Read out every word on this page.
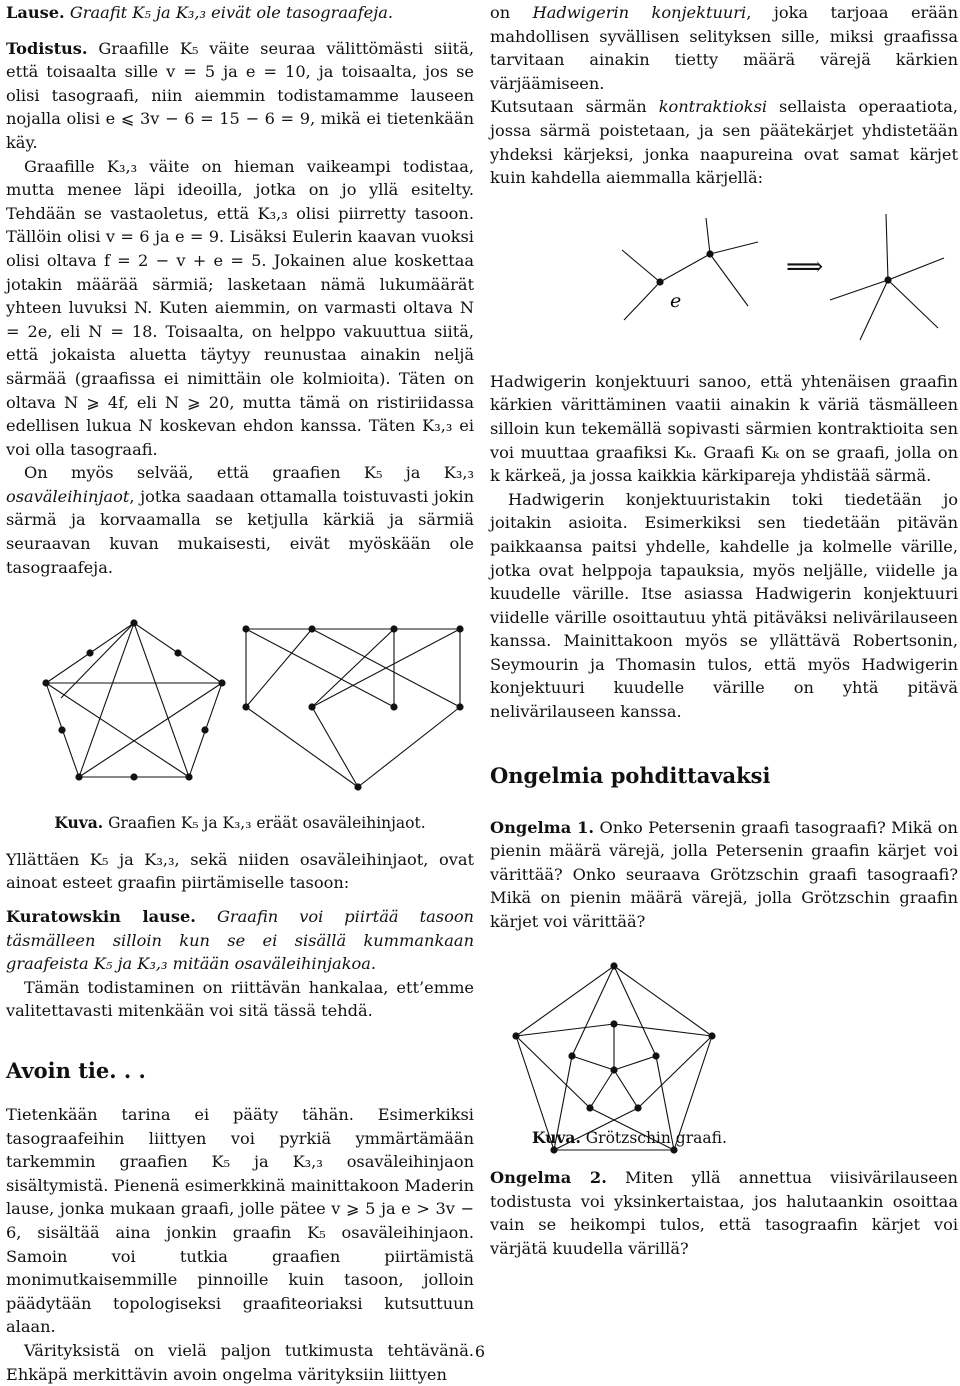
Lause. Graafit K₅ ja K₃,₃ eivät ole tasograafeja.

Todistus. Graafille K₅ väite seuraa välittömästi siitä, että toisaalta sille v = 5 ja e = 10, ja toisaalta, jos se olisi tasograafi, niin aiemmin todistamamme lauseen nojalla olisi e ⩽ 3v − 6 = 15 − 6 = 9, mikä ei tietenkään käy.

Graafille K₃,₃ väite on hieman vaikeampi todistaa, mutta menee läpi ideoilla, jotka on jo yllä esitelty. Tehdään se vastaoletus, että K₃,₃ olisi piirretty tasoon. Tällöin olisi v = 6 ja e = 9. Lisäksi Eulerin kaavan vuoksi olisi oltava f = 2 − v + e = 5. Jokainen alue koskettaa jotakin määrää särmiä; lasketaan nämä lukumäärät yhteen luvuksi N. Kuten aiemmin, on varmasti oltava N = 2e, eli N = 18. Toisaalta, on helppo vakuuttua siitä, että jokaista aluetta täytyy reunustaa ainakin neljä särmää (graafissa ei nimittäin ole kolmioita). Täten on oltava N ⩾ 4f, eli N ⩾ 20, mutta tämä on ristiriidassa edellisen lukua N koskevan ehdon kanssa. Täten K₃,₃ ei voi olla tasograafi.

On myös selvää, että graafien K₅ ja K₃,₃ osaväleihinjaot, jotka saadaan ottamalla toistuvasti jokin särmä ja korvaamalla se ketjulla kärkiä ja särmiä seuraavan kuvan mukaisesti, eivät myöskään ole tasograafeja.

Kuva. Graafien K₅ ja K₃,₃ eräät osaväleihinjaot.

Yllättäen K₅ ja K₃,₃, sekä niiden osaväleihinjaot, ovat ainoat esteet graafin piirtämiselle tasoon:

Kuratowskin lause. Graafin voi piirtää tasoon täsmälleen silloin kun se ei sisällä kummankaan graafeista K₅ ja K₃,₃ mitään osaväleihinjakoa.

Tämän todistaminen on riittävän hankalaa, ett’emme valitettavasti mitenkään voi sitä tässä tehdä.

Avoin tie. . .

Tietenkään tarina ei pääty tähän. Esimerkiksi tasograafeihin liittyen voi pyrkiä ymmärtämään tarkemmin graafien K₅ ja K₃,₃ osaväleihinjaon sisältymistä. Pienenä esimerkkinä mainittakoon Maderin lause, jonka mukaan graafi, jolle pätee v ⩾ 5 ja e > 3v − 6, sisältää aina jonkin graafin K₅ osaväleihinjaon. Samoin voi tutkia graafien piirtämistä monimutkaisemmille pinnoille kuin tasoon, jolloin päädytään topologiseksi graafiteoriaksi kutsuttuun alaan.

Värityksistä on vielä paljon tutkimusta tehtävänä. Ehkäpä merkittävin avoin ongelma värityksiin liittyen

on Hadwigerin konjektuuri, joka tarjoaa erään mahdollisen syvällisen selityksen sille, miksi graafissa tarvitaan ainakin tietty määrä värejä kärkien värjäämiseen.

Kutsutaan särmän kontraktioksi sellaista operaatiota, jossa särmä poistetaan, ja sen päätekärjet yhdistetään yhdeksi kärjeksi, jonka naapureina ovat samat kärjet kuin kahdella aiemmalla kärjellä:

e
⟹

Hadwigerin konjektuuri sanoo, että yhtenäisen graafin kärkien värittäminen vaatii ainakin k väriä täsmälleen silloin kun tekemällä sopivasti särmien kontraktioita sen voi muuttaa graafiksi Kₖ. Graafi Kₖ on se graafi, jolla on k kärkeä, ja jossa kaikkia kärkipareja yhdistää särmä.

Hadwigerin konjektuuristakin toki tiedetään jo joitakin asioita. Esimerkiksi sen tiedetään pitävän paikkaansa paitsi yhdelle, kahdelle ja kolmelle värille, jotka ovat helppoja tapauksia, myös neljälle, viidelle ja kuudelle värille. Itse asiassa Hadwigerin konjektuuri viidelle värille osoittautuu yhtä pitäväksi nelivärilauseen kanssa. Mainittakoon myös se yllättävä Robertsonin, Seymourin ja Thomasin tulos, että myös Hadwigerin konjektuuri kuudelle värille on yhtä pitävä nelivärilauseen kanssa.

Ongelmia pohdittavaksi

Ongelma 1. Onko Petersenin graafi tasograafi? Mikä on pienin määrä värejä, jolla Petersenin graafin kärjet voi värittää? Onko seuraava Grötzschin graafi tasograafi? Mikä on pienin määrä värejä, jolla Grötzschin graafin kärjet voi värittää?

Kuva. Grötzschin graafi.

Ongelma 2. Miten yllä annettua viisivärilauseen todistusta voi yksinkertaistaa, jos halutaankin osoittaa vain se heikompi tulos, että tasograafin kärjet voi värjätä kuudella värillä?

6
